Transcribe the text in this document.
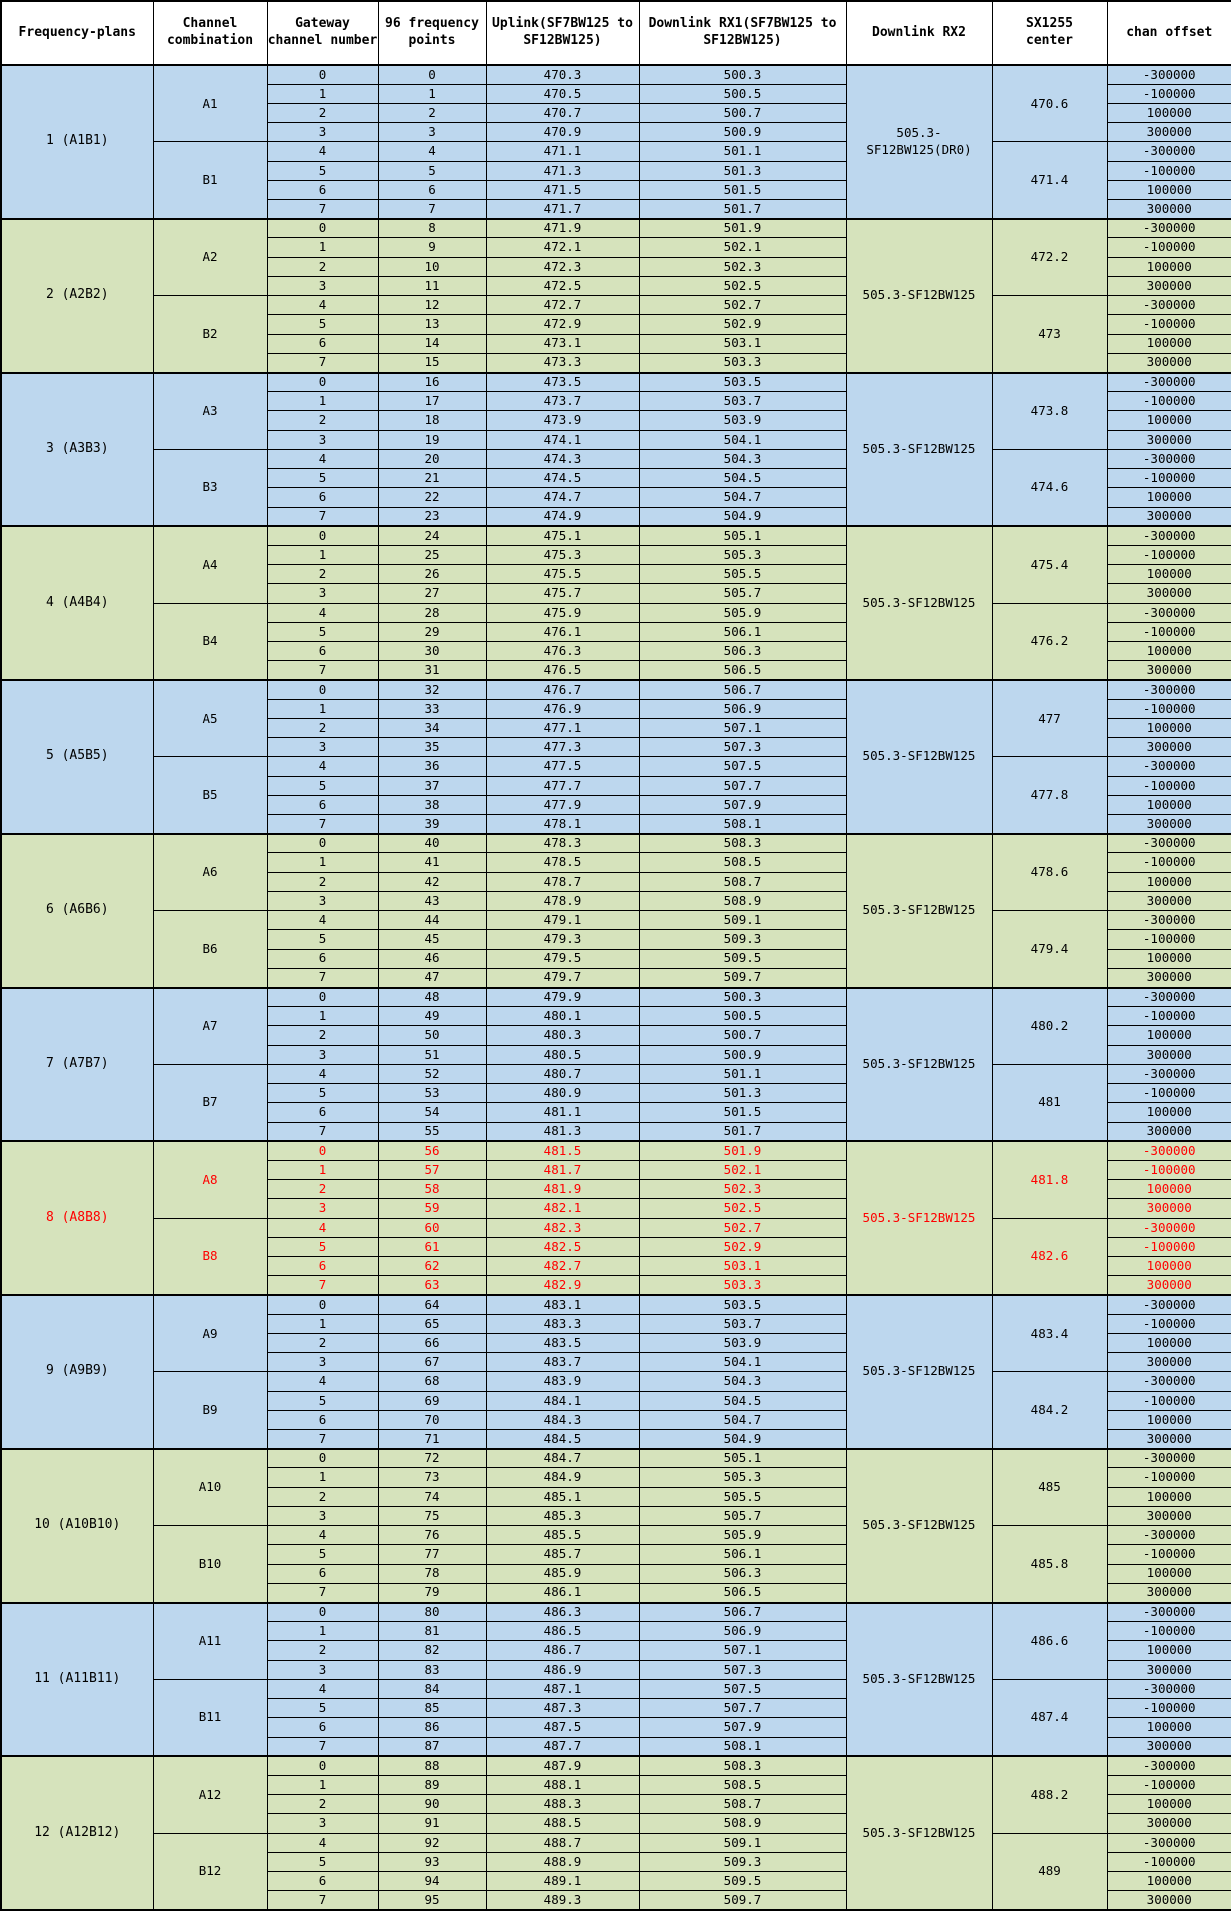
Frequency-plans	Channel combination	Gateway channel number	96 frequency points	Uplink(SF7BW125 to SF12BW125)	Downlink RX1(SF7BW125 to SF12BW125)	Downlink RX2	SX1255 center	chan offset
1 (A1B1)	A1	0	0	470.3	500.3	505.3-SF12BW125(DR0)	470.6	-300000
		1	1	470.5	500.5			-100000
		2	2	470.7	500.7			100000
		3	3	470.9	500.9			300000
	B1	4	4	471.1	501.1		471.4	-300000
		5	5	471.3	501.3			-100000
		6	6	471.5	501.5			100000
		7	7	471.7	501.7			300000
2 (A2B2)	A2	0	8	471.9	501.9	505.3-SF12BW125	472.2	-300000
		1	9	472.1	502.1			-100000
		2	10	472.3	502.3			100000
		3	11	472.5	502.5			300000
	B2	4	12	472.7	502.7		473	-300000
		5	13	472.9	502.9			-100000
		6	14	473.1	503.1			100000
		7	15	473.3	503.3			300000
3 (A3B3)	A3	0	16	473.5	503.5	505.3-SF12BW125	473.8	-300000
		1	17	473.7	503.7			-100000
		2	18	473.9	503.9			100000
		3	19	474.1	504.1			300000
	B3	4	20	474.3	504.3		474.6	-300000
		5	21	474.5	504.5			-100000
		6	22	474.7	504.7			100000
		7	23	474.9	504.9			300000
4 (A4B4)	A4	0	24	475.1	505.1	505.3-SF12BW125	475.4	-300000
		1	25	475.3	505.3			-100000
		2	26	475.5	505.5			100000
		3	27	475.7	505.7			300000
	B4	4	28	475.9	505.9		476.2	-300000
		5	29	476.1	506.1			-100000
		6	30	476.3	506.3			100000
		7	31	476.5	506.5			300000
5 (A5B5)	A5	0	32	476.7	506.7	505.3-SF12BW125	477	-300000
		1	33	476.9	506.9			-100000
		2	34	477.1	507.1			100000
		3	35	477.3	507.3			300000
	B5	4	36	477.5	507.5		477.8	-300000
		5	37	477.7	507.7			-100000
		6	38	477.9	507.9			100000
		7	39	478.1	508.1			300000
6 (A6B6)	A6	0	40	478.3	508.3	505.3-SF12BW125	478.6	-300000
		1	41	478.5	508.5			-100000
		2	42	478.7	508.7			100000
		3	43	478.9	508.9			300000
	B6	4	44	479.1	509.1		479.4	-300000
		5	45	479.3	509.3			-100000
		6	46	479.5	509.5			100000
		7	47	479.7	509.7			300000
7 (A7B7)	A7	0	48	479.9	500.3	505.3-SF12BW125	480.2	-300000
		1	49	480.1	500.5			-100000
		2	50	480.3	500.7			100000
		3	51	480.5	500.9			300000
	B7	4	52	480.7	501.1		481	-300000
		5	53	480.9	501.3			-100000
		6	54	481.1	501.5			100000
		7	55	481.3	501.7			300000
8 (A8B8)	A8	0	56	481.5	501.9	505.3-SF12BW125	481.8	-300000
		1	57	481.7	502.1			-100000
		2	58	481.9	502.3			100000
		3	59	482.1	502.5			300000
	B8	4	60	482.3	502.7		482.6	-300000
		5	61	482.5	502.9			-100000
		6	62	482.7	503.1			100000
		7	63	482.9	503.3			300000
9 (A9B9)	A9	0	64	483.1	503.5	505.3-SF12BW125	483.4	-300000
		1	65	483.3	503.7			-100000
		2	66	483.5	503.9			100000
		3	67	483.7	504.1			300000
	B9	4	68	483.9	504.3		484.2	-300000
		5	69	484.1	504.5			-100000
		6	70	484.3	504.7			100000
		7	71	484.5	504.9			300000
10 (A10B10)	A10	0	72	484.7	505.1	505.3-SF12BW125	485	-300000
		1	73	484.9	505.3			-100000
		2	74	485.1	505.5			100000
		3	75	485.3	505.7			300000
	B10	4	76	485.5	505.9		485.8	-300000
		5	77	485.7	506.1			-100000
		6	78	485.9	506.3			100000
		7	79	486.1	506.5			300000
11 (A11B11)	A11	0	80	486.3	506.7	505.3-SF12BW125	486.6	-300000
		1	81	486.5	506.9			-100000
		2	82	486.7	507.1			100000
		3	83	486.9	507.3			300000
	B11	4	84	487.1	507.5		487.4	-300000
		5	85	487.3	507.7			-100000
		6	86	487.5	507.9			100000
		7	87	487.7	508.1			300000
12 (A12B12)	A12	0	88	487.9	508.3	505.3-SF12BW125	488.2	-300000
		1	89	488.1	508.5			-100000
		2	90	488.3	508.7			100000
		3	91	488.5	508.9			300000
	B12	4	92	488.7	509.1		489	-300000
		5	93	488.9	509.3			-100000
		6	94	489.1	509.5			100000
		7	95	489.3	509.7			300000
